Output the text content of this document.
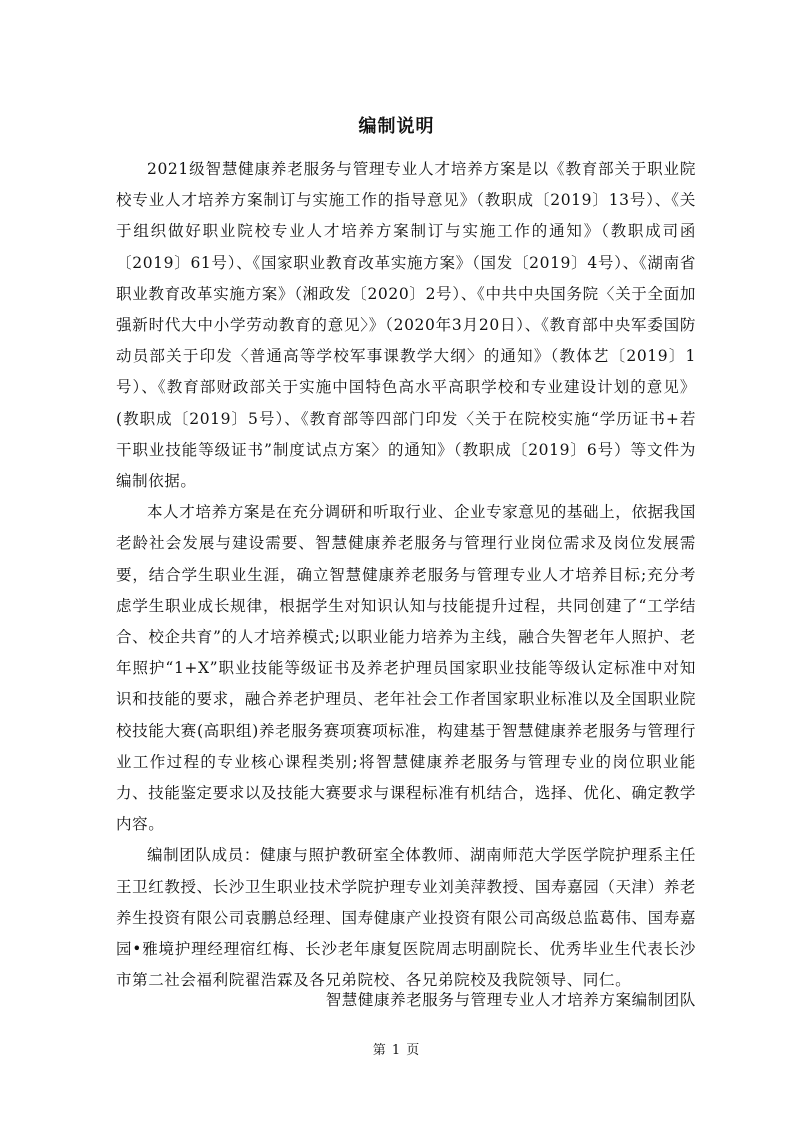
编制说明

2021级智慧健康养老服务与管理专业人才培养方案是以《教育部关于职业院校专业人才培养方案制订与实施工作的指导意见》（教职成〔2019〕13号）、《关于组织做好职业院校专业人才培养方案制订与实施工作的通知》（教职成司函〔2019〕61号）、《国家职业教育改革实施方案》（国发〔2019〕4号）、《湖南省职业教育改革实施方案》（湘政发〔2020〕2号）、《中共中央国务院〈关于全面加强新时代大中小学劳动教育的意见〉》（2020年3月20日）、《教育部中央军委国防动员部关于印发〈普通高等学校军事课教学大纲〉的通知》（教体艺〔2019〕1号）、《教育部财政部关于实施中国特色高水平高职学校和专业建设计划的意见》(教职成〔2019〕5号）、《教育部等四部门印发〈关于在院校实施“学历证书+若干职业技能等级证书”制度试点方案〉的通知》（教职成〔2019〕6号）等文件为编制依据。

本人才培养方案是在充分调研和听取行业、企业专家意见的基础上，依据我国老龄社会发展与建设需要、智慧健康养老服务与管理行业岗位需求及岗位发展需要，结合学生职业生涯，确立智慧健康养老服务与管理专业人才培养目标;充分考虑学生职业成长规律，根据学生对知识认知与技能提升过程，共同创建了“工学结合、校企共育”的人才培养模式;以职业能力培养为主线，融合失智老年人照护、老年照护“1+X”职业技能等级证书及养老护理员国家职业技能等级认定标准中对知识和技能的要求，融合养老护理员、老年社会工作者国家职业标准以及全国职业院校技能大赛(高职组)养老服务赛项赛项标准，构建基于智慧健康养老服务与管理行业工作过程的专业核心课程类别;将智慧健康养老服务与管理专业的岗位职业能力、技能鉴定要求以及技能大赛要求与课程标准有机结合，选择、优化、确定教学内容。

编制团队成员：健康与照护教研室全体教师、湖南师范大学医学院护理系主任王卫红教授、长沙卫生职业技术学院护理专业刘美萍教授、国寿嘉园（天津）养老养生投资有限公司袁鹏总经理、国寿健康产业投资有限公司高级总监葛伟、国寿嘉园•雅境护理经理宿红梅、长沙老年康复医院周志明副院长、优秀毕业生代表长沙市第二社会福利院翟浩霖及各兄弟院校、各兄弟院校及我院领导、同仁。

智慧健康养老服务与管理专业人才培养方案编制团队
第 1 页
